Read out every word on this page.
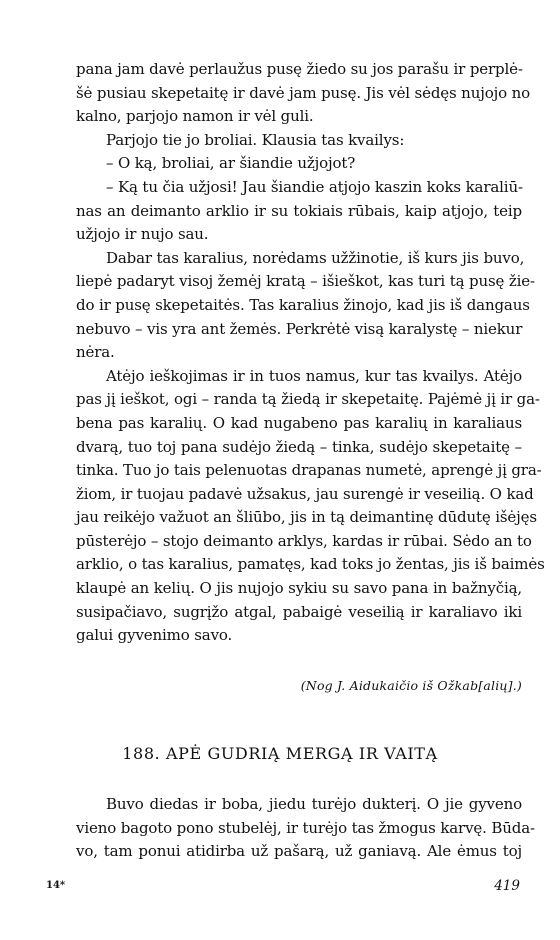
pana jam davė perlaužus pusę žiedo su jos parašu ir perplė-
šė pusiau skepetaitę ir davė jam pusę. Jis vėl sėdęs nujojo no
kalno, parjojo namon ir vėl guli.

Parjojo tie jo broliai. Klausia tas kvailys:

– O ką, broliai, ar šiandie užjojot?

– Ką tu čia užjosi! Jau šiandie atjojo kaszin koks karaliū-
nas an deimanto arklio ir su tokiais rūbais, kaip atjojo, teip
užjojo ir nujo sau.

Dabar tas karalius, norėdams užžinotie, iš kurs jis buvo,
liepė padaryt visoj žemėj kratą – išieškot, kas turi tą pusę žie-
do ir pusę skepetaitės. Tas karalius žinojo, kad jis iš dangaus
nebuvo – vis yra ant žemės. Perkrėtė visą karalystę – niekur
nėra.

Atėjo ieškojimas ir in tuos namus, kur tas kvailys. Atėjo
pas jį ieškot, ogi – randa tą žiedą ir skepetaitę. Pajėmė jį ir ga-
bena pas karalių. O kad nugabeno pas karalių in karaliaus
dvarą, tuo toj pana sudėjo žiedą – tinka, sudėjo skepetaitę –
tinka. Tuo jo tais pelenuotas drapanas numetė, aprengė jį gra-
žiom, ir tuojau padavė užsakus, jau surengė ir veseilią. O kad
jau reikėjo važuot an šliūbo, jis in tą deimantinę dūdutę išėjęs
pūsterėjo – stojo deimanto arklys, kardas ir rūbai. Sėdo an to
arklio, o tas karalius, pamatęs, kad toks jo žentas, jis iš baimės
klaupė an kelių. O jis nujojo sykiu su savo pana in bažnyčią,
susipačiavo, sugrįžo atgal, pabaigė veseilią ir karaliavo iki
galui gyvenimo savo.

(Nog J. Aidukaičio iš Ožkab[alių].)
188. APĖ GUDRIĄ MERGĄ IR VAITĄ
Buvo diedas ir boba, jiedu turėjo dukterį. O jie gyveno
vieno bagoto pono stubelėj, ir turėjo tas žmogus karvę. Būda-
vo, tam ponui atidirba už pašarą, už ganiavą. Ale ėmus toj
14*	419
